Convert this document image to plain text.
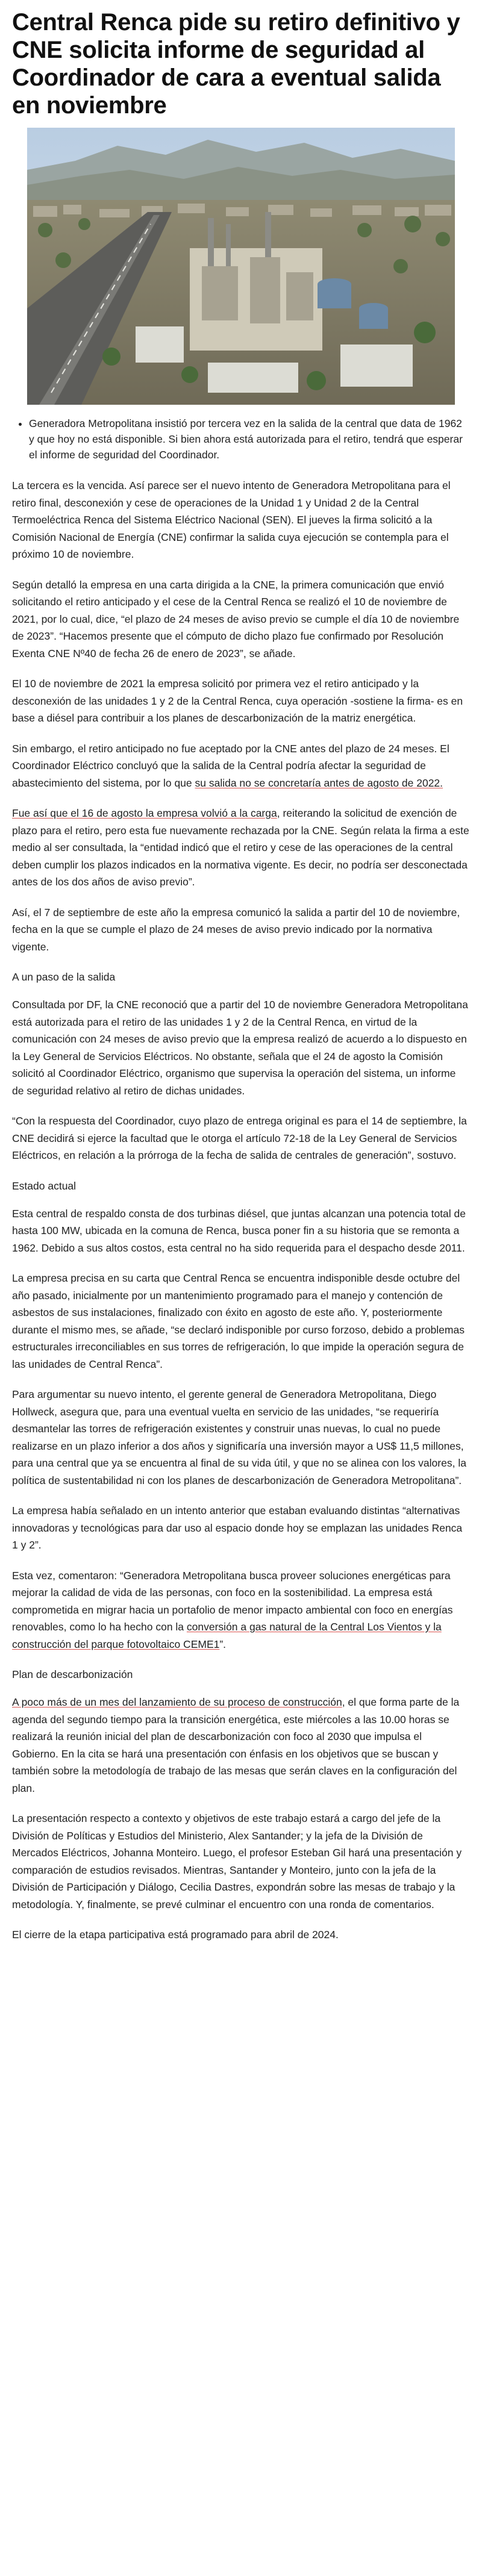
Central Renca pide su retiro definitivo y CNE solicita informe de seguridad al Coordinador de cara a eventual salida en noviembre
• Generadora Metropolitana insistió por tercera vez en la salida de la central que data de 1962 y que hoy no está disponible. Si bien ahora está autorizada para el retiro, tendrá que esperar el informe de seguridad del Coordinador.

La tercera es la vencida. Así parece ser el nuevo intento de Generadora Metropolitana para el retiro final, desconexión y cese de operaciones de la Unidad 1 y Unidad 2 de la Central Termoeléctrica Renca del Sistema Eléctrico Nacional (SEN). El jueves la firma solicitó a la Comisión Nacional de Energía (CNE) confirmar la salida cuya ejecución se contempla para el próximo 10 de noviembre.

Según detalló la empresa en una carta dirigida a la CNE, la primera comunicación que envió solicitando el retiro anticipado y el cese de la Central Renca se realizó el 10 de noviembre de 2021, por lo cual, dice, “el plazo de 24 meses de aviso previo se cumple el día 10 de noviembre de 2023”. “Hacemos presente que el cómputo de dicho plazo fue confirmado por Resolución Exenta CNE Nº40 de fecha 26 de enero de 2023”, se añade.

El 10 de noviembre de 2021 la empresa solicitó por primera vez el retiro anticipado y la desconexión de las unidades 1 y 2 de la Central Renca, cuya operación -sostiene la firma- es en base a diésel para contribuir a los planes de descarbonización de la matriz energética.

Sin embargo, el retiro anticipado no fue aceptado por la CNE antes del plazo de 24 meses. El Coordinador Eléctrico concluyó que la salida de la Central podría afectar la seguridad de abastecimiento del sistema, por lo que su salida no se concretaría antes de agosto de 2022.

Fue así que el 16 de agosto la empresa volvió a la carga, reiterando la solicitud de exención de plazo para el retiro, pero esta fue nuevamente rechazada por la CNE. Según relata la firma a este medio al ser consultada, la “entidad indicó que el retiro y cese de las operaciones de la central deben cumplir los plazos indicados en la normativa vigente. Es decir, no podría ser desconectada antes de los dos años de aviso previo”.

Así, el 7 de septiembre de este año la empresa comunicó la salida a partir del 10 de noviembre, fecha en la que se cumple el plazo de 24 meses de aviso previo indicado por la normativa vigente.

A un paso de la salida

Consultada por DF, la CNE reconoció que a partir del 10 de noviembre Generadora Metropolitana está autorizada para el retiro de las unidades 1 y 2 de la Central Renca, en virtud de la comunicación con 24 meses de aviso previo que la empresa realizó de acuerdo a lo dispuesto en la Ley General de Servicios Eléctricos. No obstante, señala que el 24 de agosto la Comisión solicitó al Coordinador Eléctrico, organismo que supervisa la operación del sistema, un informe de seguridad relativo al retiro de dichas unidades.

“Con la respuesta del Coordinador, cuyo plazo de entrega original es para el 14 de septiembre, la CNE decidirá si ejerce la facultad que le otorga el artículo 72-18 de la Ley General de Servicios Eléctricos, en relación a la prórroga de la fecha de salida de centrales de generación”, sostuvo.

Estado actual

Esta central de respaldo consta de dos turbinas diésel, que juntas alcanzan una potencia total de hasta 100 MW, ubicada en la comuna de Renca, busca poner fin a su historia que se remonta a 1962. Debido a sus altos costos, esta central no ha sido requerida para el despacho desde 2011.

La empresa precisa en su carta que Central Renca se encuentra indisponible desde octubre del año pasado, inicialmente por un mantenimiento programado para el manejo y contención de asbestos de sus instalaciones, finalizado con éxito en agosto de este año. Y, posteriormente durante el mismo mes, se añade, “se declaró indisponible por curso forzoso, debido a problemas estructurales irreconciliables en sus torres de refrigeración, lo que impide la operación segura de las unidades de Central Renca”.

Para argumentar su nuevo intento, el gerente general de Generadora Metropolitana, Diego Hollweck, asegura que, para una eventual vuelta en servicio de las unidades, “se requeriría desmantelar las torres de refrigeración existentes y construir unas nuevas, lo cual no puede realizarse en un plazo inferior a dos años y significaría una inversión mayor a US$ 11,5 millones, para una central que ya se encuentra al final de su vida útil, y que no se alinea con los valores, la política de sustentabilidad ni con los planes de descarbonización de Generadora Metropolitana”.

La empresa había señalado en un intento anterior que estaban evaluando distintas “alternativas innovadoras y tecnológicas para dar uso al espacio donde hoy se emplazan las unidades Renca 1 y 2”.

Esta vez, comentaron: “Generadora Metropolitana busca proveer soluciones energéticas para mejorar la calidad de vida de las personas, con foco en la sostenibilidad. La empresa está comprometida en migrar hacia un portafolio de menor impacto ambiental con foco en energías renovables, como lo ha hecho con la conversión a gas natural de la Central Los Vientos y la construcción del parque fotovoltaico CEME1”.

Plan de descarbonización

A poco más de un mes del lanzamiento de su proceso de construcción, el que forma parte de la agenda del segundo tiempo para la transición energética, este miércoles a las 10.00 horas se realizará la reunión inicial del plan de descarbonización con foco al 2030 que impulsa el Gobierno. En la cita se hará una presentación con énfasis en los objetivos que se buscan y también sobre la metodología de trabajo de las mesas que serán claves en la configuración del plan.

La presentación respecto a contexto y objetivos de este trabajo estará a cargo del jefe de la División de Políticas y Estudios del Ministerio, Alex Santander; y la jefa de la División de Mercados Eléctricos, Johanna Monteiro. Luego, el profesor Esteban Gil hará una presentación y comparación de estudios revisados. Mientras, Santander y Monteiro, junto con la jefa de la División de Participación y Diálogo, Cecilia Dastres, expondrán sobre las mesas de trabajo y la metodología. Y, finalmente, se prevé culminar el encuentro con una ronda de comentarios.

El cierre de la etapa participativa está programado para abril de 2024.
